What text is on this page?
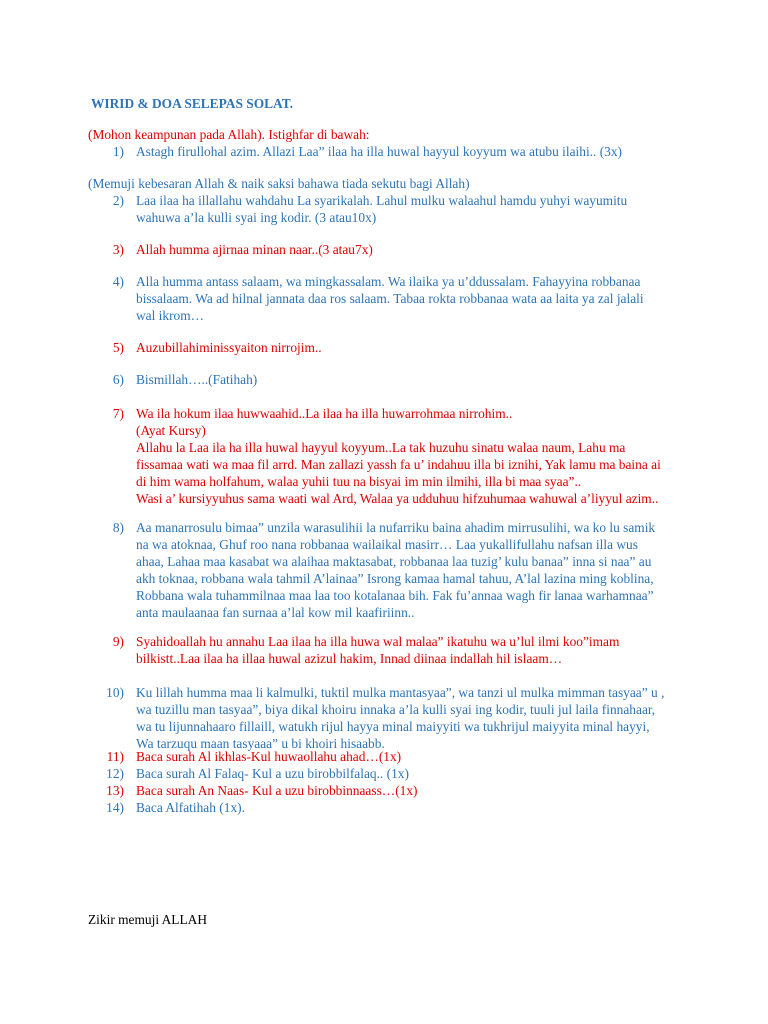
WIRID & DOA SELEPAS SOLAT.
(Mohon keampunan pada Allah). Istighfar di bawah:
1) Astagh firullohal azim. Allazi Laa” ilaa ha illa huwal hayyul koyyum wa atubu ilaihi.. (3x)
2) Laa ilaa ha illallahu wahdahu La syarikalah. Lahul mulku walaahul hamdu yuhyi wayumitu
wahuwa a’la kulli syai ing kodir. (3 atau10x)
3) Allah humma ajirnaa minan naar..(3 atau7x)
4) Alla humma antass salaam, wa mingkassalam. Wa ilaika ya u’ddussalam. Fahayyina robbanaa
bissalaam. Wa ad hilnal jannata daa ros salaam. Tabaa rokta robbanaa wata aa laita ya zal jalali
wal ikrom…
5) Auzubillahiminissyaiton nirrojim..
6) Bismillah…..(Fatihah)
7) Wa ila hokum ilaa huwwaahid..La ilaa ha illa huwarrohmaa nirrohim..
(Ayat Kursy)
Allahu la Laa ila ha illa huwal hayyul koyyum..La tak huzuhu sinatu walaa naum, Lahu ma
fissamaa wati wa maa fil arrd. Man zallazi yassh fa u’ indahuu illa bi iznihi, Yak lamu ma baina ai
di him wama holfahum, walaa yuhii tuu na bisyai im min ilmihi, illa bi maa syaa”..
Wasi a’ kursiyyuhus sama waati wal Ard, Walaa ya udduhuu hifzuhumaa wahuwal a’liyyul azim..
8) Aa manarrosulu bimaa” unzila warasulihii la nufarriku baina ahadim mirrusulihi, wa ko lu samik
na wa atoknaa, Ghuf roo nana robbanaa wailaikal masirr… Laa yukallifullahu nafsan illa wus
ahaa, Lahaa maa kasabat wa alaihaa maktasabat, robbanaa laa tuzig’ kulu banaa” inna si naa” au
akh toknaa, robbana wala tahmil A’lainaa” Isrong kamaa hamal tahuu, A’lal lazina ming koblina,
Robbana wala tuhammilnaa maa laa too kotalanaa bih. Fak fu’annaa wagh fir lanaa warhamnaa”
anta maulaanaa fan surnaa a’lal kow mil kaafiriinn..
9) Syahidoallah hu annahu Laa ilaa ha illa huwa wal malaa” ikatuhu wa u’lul ilmi koo”imam
bilkistt..Laa ilaa ha illaa huwal azizul hakim, Innad diinaa indallah hil islaam…
10) Ku lillah humma maa li kalmulki, tuktil mulka mantasyaa”, wa tanzi ul mulka mimman tasyaa” u ,
wa tuzillu man tasyaa”, biya dikal khoiru innaka a’la kulli syai ing kodir, tuuli jul laila finnahaar,
wa tu lijunnahaaro fillaill, watukh rijul hayya minal maiyyiti wa tukhrijul maiyyita minal hayyi,
Wa tarzuqu maan tasyaaa” u bi khoiri hisaabb.
11) Baca surah Al ikhlas-Kul huwaollahu ahad…(1x)
12) Baca surah Al Falaq- Kul a uzu birobbilfalaq.. (1x)
13) Baca surah An Naas- Kul a uzu birobbinnaass…(1x)
14) Baca Alfatihah (1x).
(Memuji kebesaran Allah & naik saksi bahawa tiada sekutu bagi Allah)
Zikir memuji ALLAH
